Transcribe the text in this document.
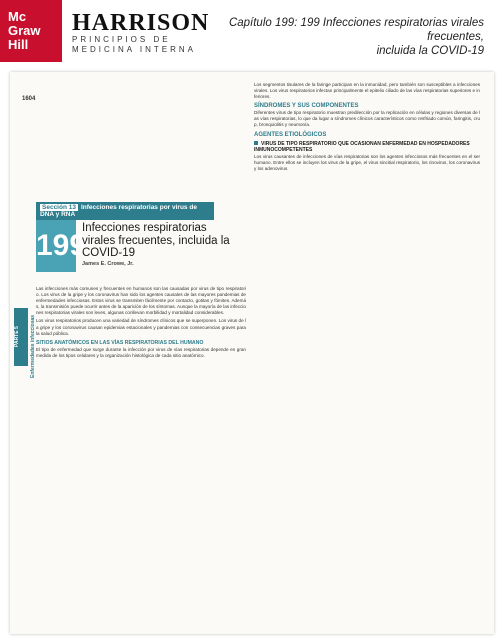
Mc
Graw
Hill
HARRISON
PRINCIPIOS DE
MEDICINA INTERNA
Capítulo 199: 199 Infecciones respiratorias virales frecuentes,
incluida la COVID-19
1604
PARTE 5	Enfermedades infecciosas
Sección 13 Infecciones respiratorias por virus de DNA y RNA
199
Infecciones respiratorias virales frecuentes, incluida la COVID-19
James E. Crowe, Jr.

Las infecciones más comunes y frecuentes en humanos son las causadas por virus de tipo respiratorio. Los virus de la gripe y los coronavirus han sido los agentes causales de las mayores pandemias de enfermedades infecciosas. Estos virus se transmiten fácilmente por contacto, gotitas y fómites. Además, la transmisión puede ocurrir antes de la aparición de los síntomas. Aunque la mayoría de las infecciones respiratorias virales son leves, algunas conllevan morbilidad y mortalidad considerables.

Los virus respiratorios producen una variedad de síndromes clínicos que se superponen. Los virus de la gripe y los coronavirus causan epidemias estacionales y pandemias con consecuencias graves para la salud pública.

SITIOS ANATÓMICOS EN LAS VÍAS RESPIRATORIAS DEL HUMANO

El tipo de enfermedad que surge durante la infección por virus de vías respiratorias depende en gran medida de los tipos celulares y la organización histológica de cada sitio anatómico.

Los segmentos tisulares de la faringe participan en la inmunidad, pero también son susceptibles a infecciones virales. Los virus respiratorios infectan principalmente el epitelio ciliado de las vías respiratorias superiores e inferiores.

SÍNDROMES Y SUS COMPONENTES

Diferentes virus de tipo respiratorio muestran predilección por la replicación en células y regiones diversas de las vías respiratorias, lo que da lugar a síndromes clínicos característicos como resfriado común, faringitis, crup, bronquiolitis y neumonía.

AGENTES ETIOLÓGICOS
VIRUS DE TIPO RESPIRATORIO QUE OCASIONAN ENFERMEDAD EN HOSPEDADORES INMUNOCOMPETENTES

Los virus causantes de infecciones de vías respiratorias son los agentes infecciosos más frecuentes en el ser humano. Entre ellos se incluyen los virus de la gripe, el virus sincitial respiratorio, los rinovirus, los coronavirus y los adenovirus.
